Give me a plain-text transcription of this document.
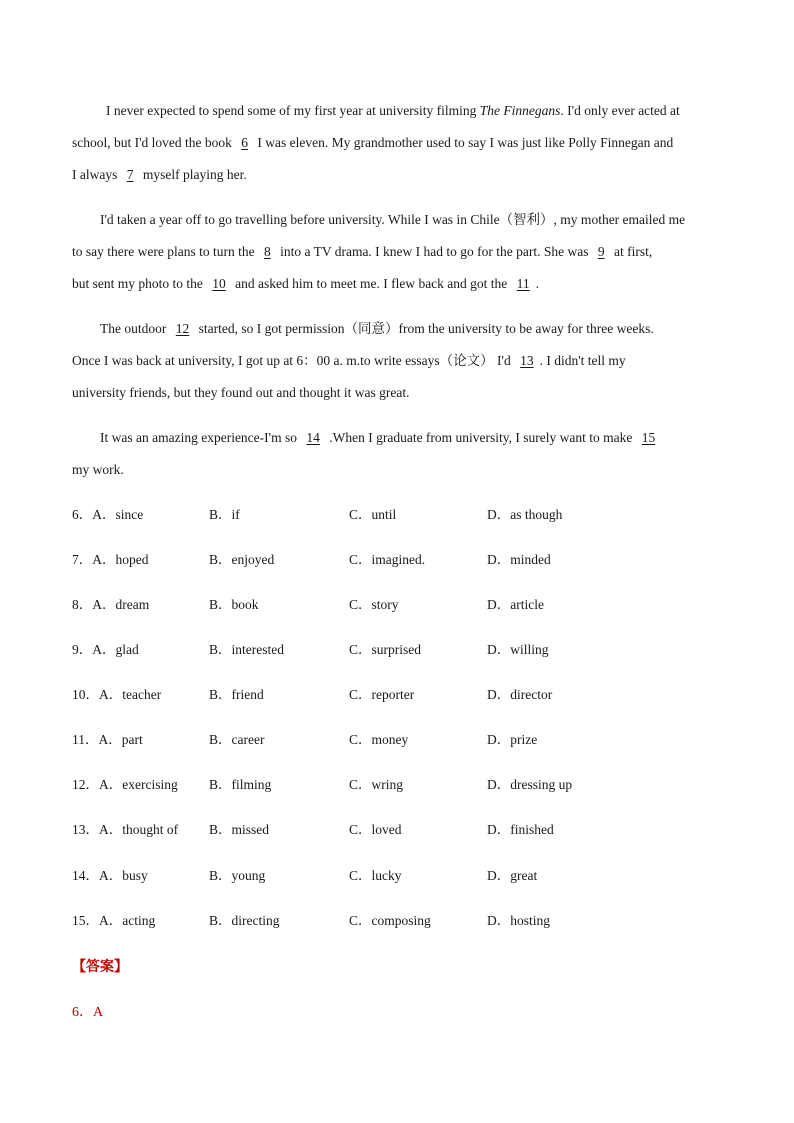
I never expected to spend some of my first year at university filming The Finnegans. I'd only ever acted at
school, but I'd loved the book 6 I was eleven. My grandmother used to say I was just like Polly Finnegan and
I always 7 myself playing her.
I'd taken a year off to go travelling before university. While I was in Chile（智利）, my mother emailed me
to say there were plans to turn the 8 into a TV drama. I knew I had to go for the part. She was 9 at first,
but sent my photo to the 10 and asked him to meet me. I flew back and got the 11 .
The outdoor 12 started, so I got permission（同意）from the university to be away for three weeks.
Once I was back at university, I got up at 6：00 a. m.to write essays（论文） I'd 13 . I didn't tell my
university friends, but they found out and thought it was great.
It was an amazing experience-I'm so 14 .When I graduate from university, I surely want to make 15
my work.
6．A．since	B．if	C．until	D．as though
7．A．hoped	B．enjoyed	C．imagined.	D．minded
8．A．dream	B．book	C．story	D．article
9．A．glad	B．interested	C．surprised	D．willing
10．A．teacher	B．friend	C．reporter	D．director
11．A．part	B．career	C．money	D．prize
12．A．exercising B．filming	C．wring	D．dressing up
13．A．thought of B．missed	C．loved	D．finished
14．A．busy	B．young	C．lucky	D．great
15．A．acting	B．directing	C．composing	D．hosting
【答案】
6．A
